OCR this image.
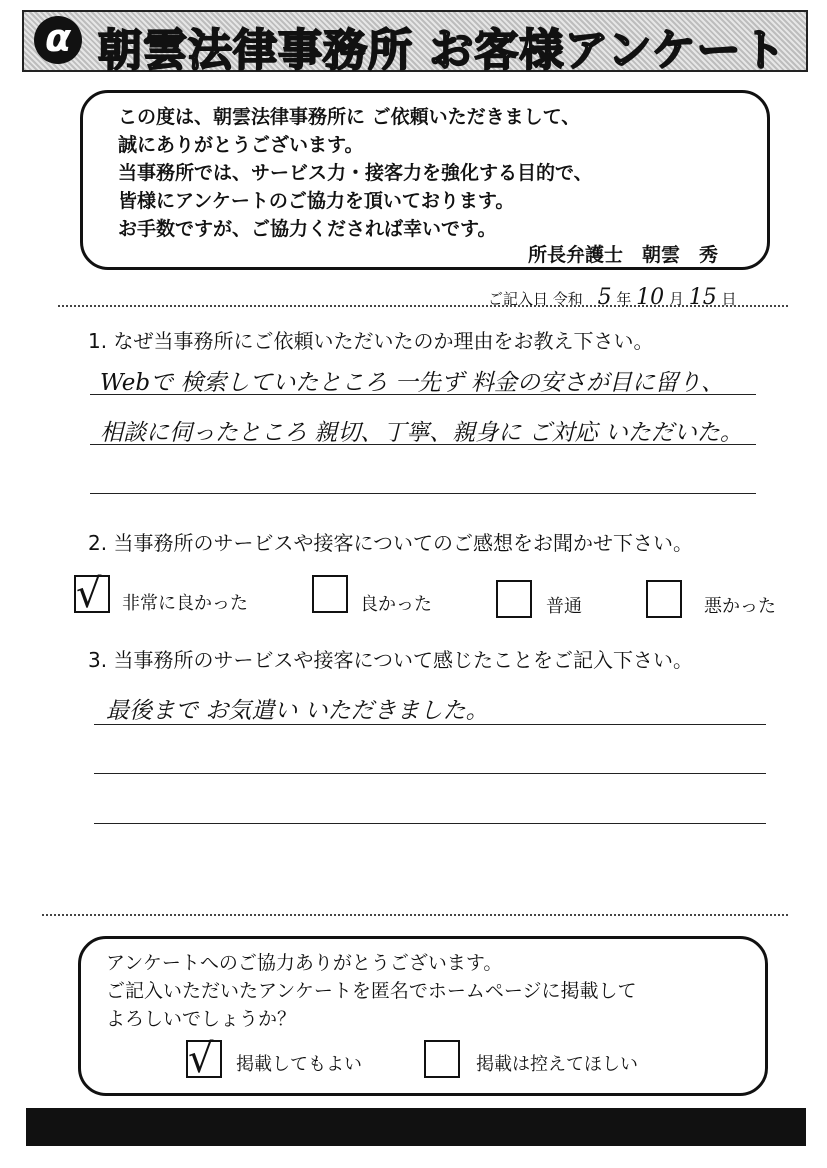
α 朝雲法律事務所 お客様アンケート
この度は、朝雲法律事務所に ご依頼いただきまして、
誠にありがとうございます。
当事務所では、サービス力・接客力を強化する目的で、
皆様にアンケートのご協力を頂いております。
お手数ですが、ご協力くだされば幸いです。
所長弁護士　朝雲　秀
ご記入日 令和 5 年 10 月 15 日
1. なぜ当事務所にご依頼いただいたのか理由をお教え下さい。
Webで 検索していたところ 一先ず 料金の安さが目に留り、
相談に伺ったところ 親切、丁寧、親身に ご対応 いただいた。
2. 当事務所のサービスや接客についてのご感想をお聞かせ下さい。
√	非常に良かった	良かった	普通	悪かった
3. 当事務所のサービスや接客について感じたことをご記入下さい。
最後まで お気遣い いただきました。
アンケートへのご協力ありがとうございます。
ご記入いただいたアンケートを匿名でホームページに掲載して
よろしいでしょうか？
√	掲載してもよい	掲載は控えてほしい
